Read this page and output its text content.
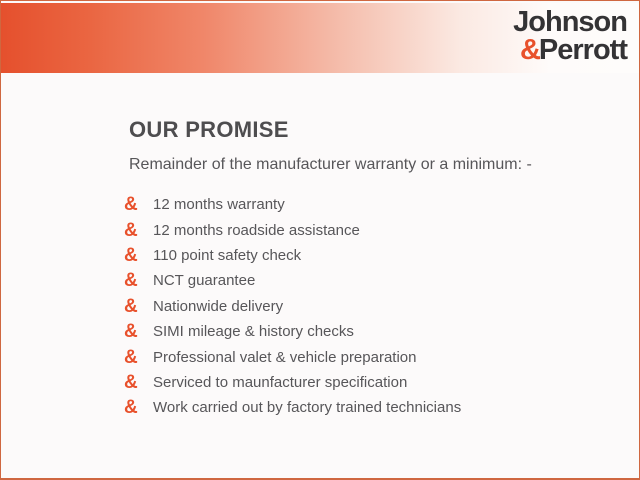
Johnson
&Perrott
OUR PROMISE

Remainder of the manufacturer warranty or a minimum: -

&	12 months warranty
&	12 months roadside assistance
&	110 point safety check
&	NCT guarantee
&	Nationwide delivery
&	SIMI mileage & history checks
&	Professional valet & vehicle preparation
&	Serviced to maunfacturer specification
&	Work carried out by factory trained technicians
